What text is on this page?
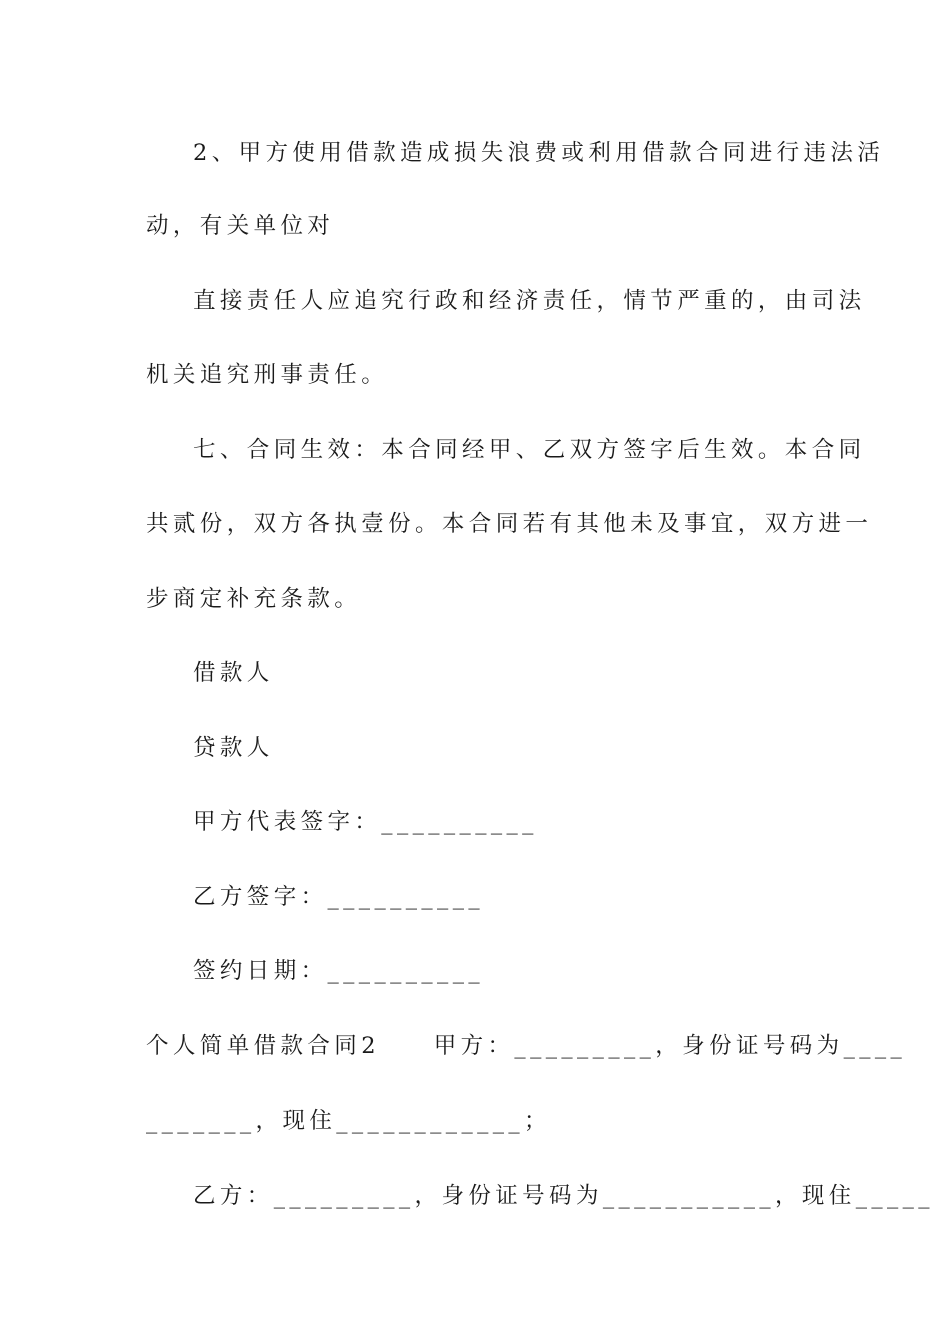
2、甲方使用借款造成损失浪费或利用借款合同进行违法活
动，有关单位对
直接责任人应追究行政和经济责任，情节严重的，由司法
机关追究刑事责任。
七、合同生效：本合同经甲、乙双方签字后生效。本合同
共贰份，双方各执壹份。本合同若有其他未及事宜，双方进一
步商定补充条款。
借款人
贷款人
甲方代表签字：__________
乙方签字：__________
签约日期：__________
个人简单借款合同2　　甲方：_________，身份证号码为____
_______，现住____________；
乙方：_________，身份证号码为___________，现住_____
